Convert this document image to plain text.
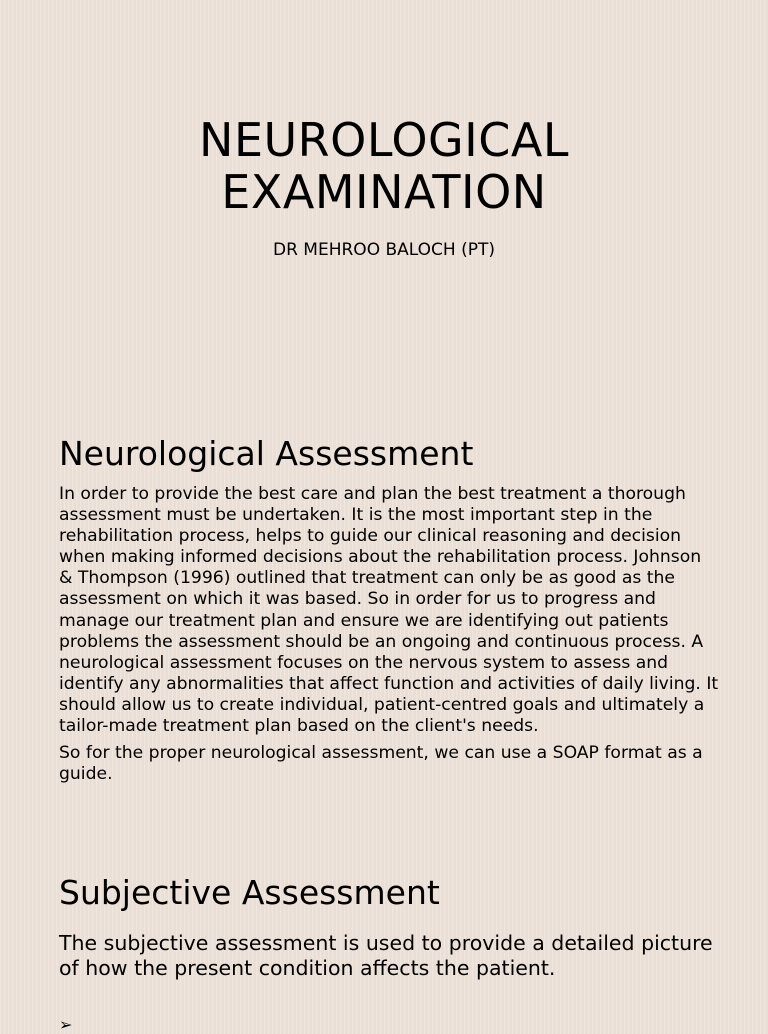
NEUROLOGICAL
EXAMINATION

DR MEHROO BALOCH (PT)

Neurological Assessment

In order to provide the best care and plan the best treatment a thorough assessment must be undertaken. It is the most important step in the rehabilitation process, helps to guide our clinical reasoning and decision when making informed decisions about the rehabilitation process. Johnson & Thompson (1996) outlined that treatment can only be as good as the assessment on which it was based. So in order for us to progress and manage our treatment plan and ensure we are identifying out patients problems the assessment should be an ongoing and continuous process. A neurological assessment focuses on the nervous system to assess and identify any abnormalities that affect function and activities of daily living. It should allow us to create individual, patient-centred goals and ultimately a tailor-made treatment plan based on the client's needs.

So for the proper neurological assessment, we can use a SOAP format as a guide.

Subjective Assessment

The subjective assessment is used to provide a detailed picture of how the present condition affects the patient.

➢
